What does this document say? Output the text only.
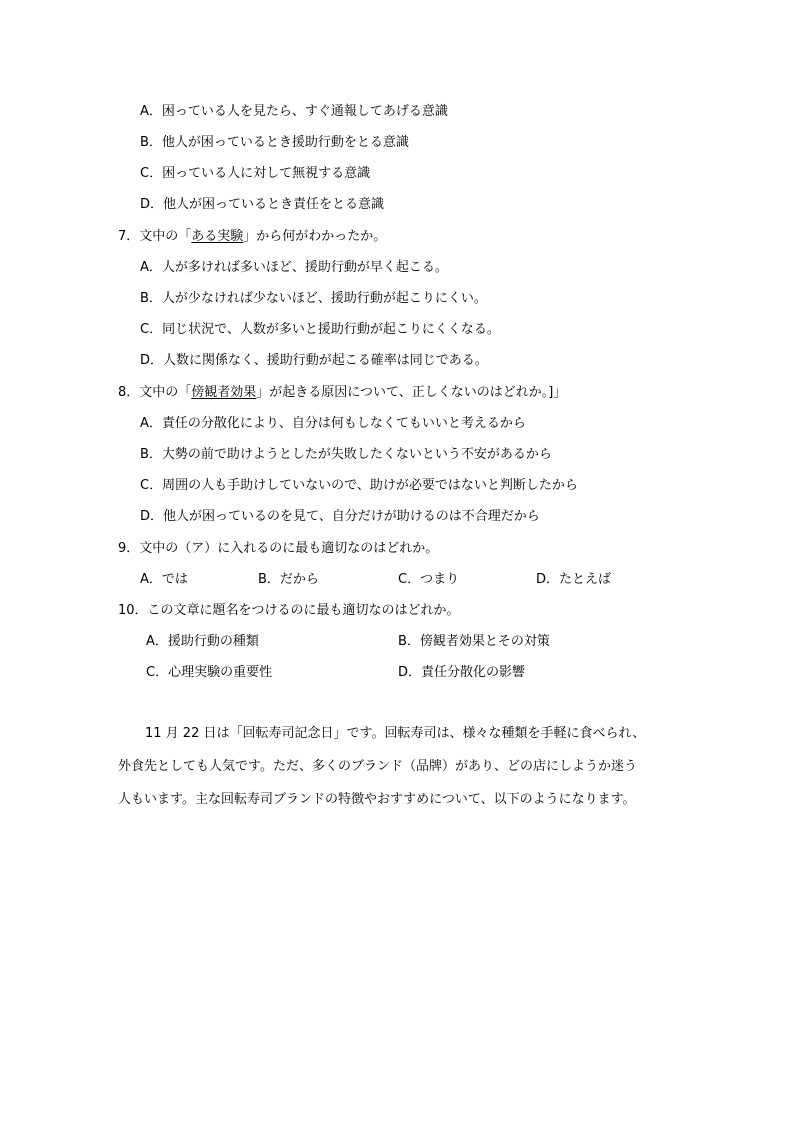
A．困っている人を見たら、すぐ通報してあげる意識
B．他人が困っているとき援助行動をとる意識
C．困っている人に対して無視する意識
D．他人が困っているとき責任をとる意識
7．文中の「ある実験」から何がわかったか。
A．人が多ければ多いほど、援助行動が早く起こる。
B．人が少なければ少ないほど、援助行動が起こりにくい。
C．同じ状況で、人数が多いと援助行動が起こりにくくなる。
D．人数に関係なく、援助行動が起こる確率は同じである。
8．文中の「傍観者効果」が起きる原因について、正しくないのはどれか。]」
A．責任の分散化により、自分は何もしなくてもいいと考えるから
B．大勢の前で助けようとしたが失敗したくないという不安があるから
C．周囲の人も手助けしていないので、助けが必要ではないと判断したから
D．他人が困っているのを見て、自分だけが助けるのは不合理だから
9．文中の（ア）に入れるのに最も適切なのはどれか。
A．では	B．だから	C．つまり	D．たとえば
10．この文章に題名をつけるのに最も適切なのはどれか。
A．援助行動の種類	B．傍観者効果とその対策
C．心理実験の重要性	D．責任分散化の影響
11 月 22 日は「回転寿司記念日」です。回転寿司は、様々な種類を手軽に食べられ、
外食先としても人気です。ただ、多くのブランド（品牌）があり、どの店にしようか迷う
人もいます。主な回転寿司ブランドの特徴やおすすめについて、以下のようになります。
